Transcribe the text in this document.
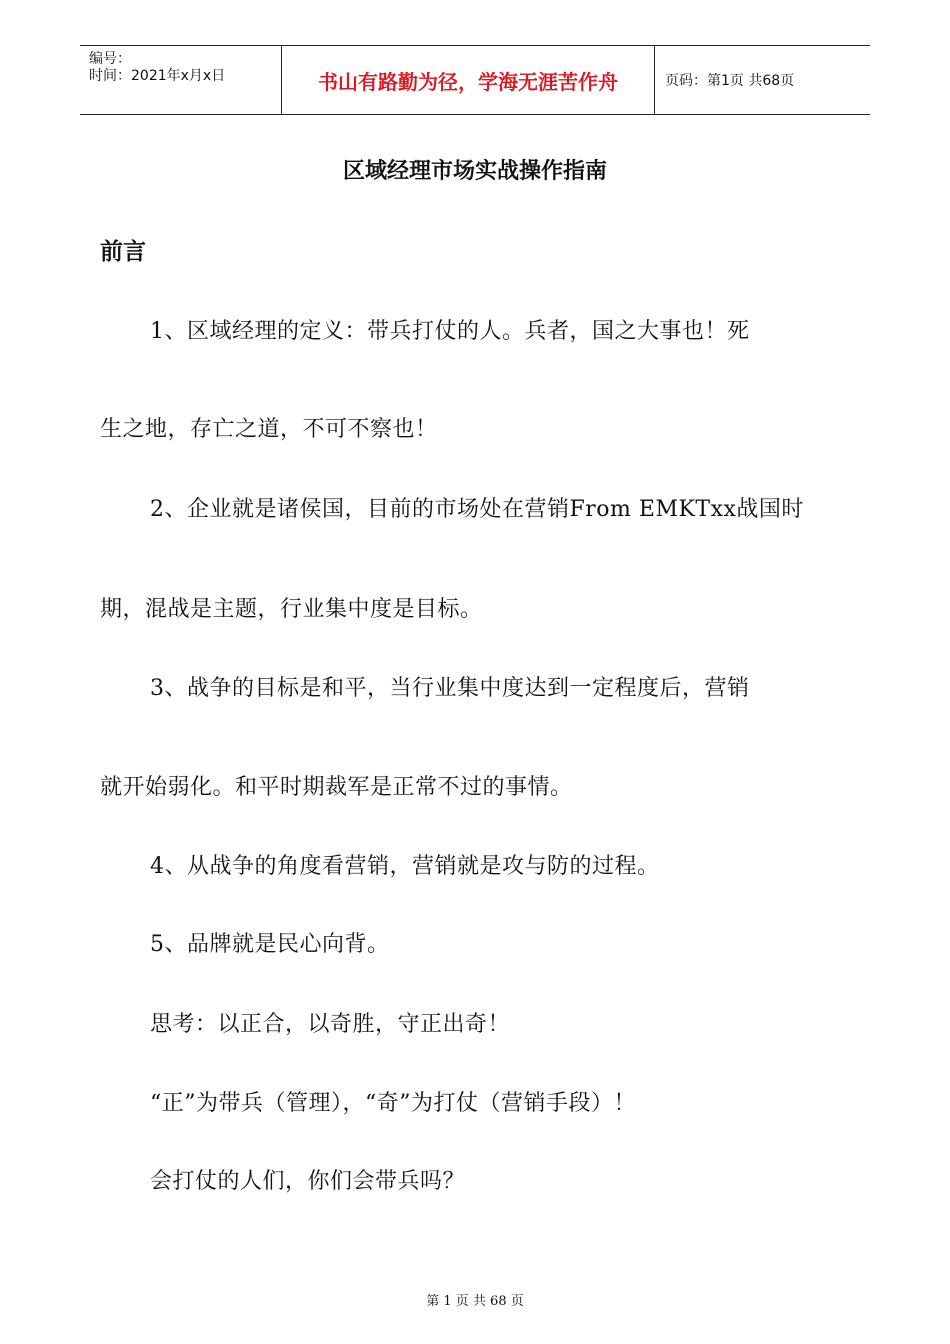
编号：
时间：2021年x月x日	书山有路勤为径，学海无涯苦作舟	页码：第1页 共68页
区域经理市场实战操作指南
前言
1、区域经理的定义：带兵打仗的人。兵者，国之大事也！死
生之地，存亡之道，不可不察也！
2、企业就是诸侯国，目前的市场处在营销From EMKTxx战国时
期，混战是主题，行业集中度是目标。
3、战争的目标是和平，当行业集中度达到一定程度后，营销
就开始弱化。和平时期裁军是正常不过的事情。
4、从战争的角度看营销，营销就是攻与防的过程。
5、品牌就是民心向背。
思考：以正合，以奇胜，守正出奇！
“正”为带兵（管理），“奇”为打仗（营销手段）！
会打仗的人们，你们会带兵吗？
第 1 页 共 68 页
